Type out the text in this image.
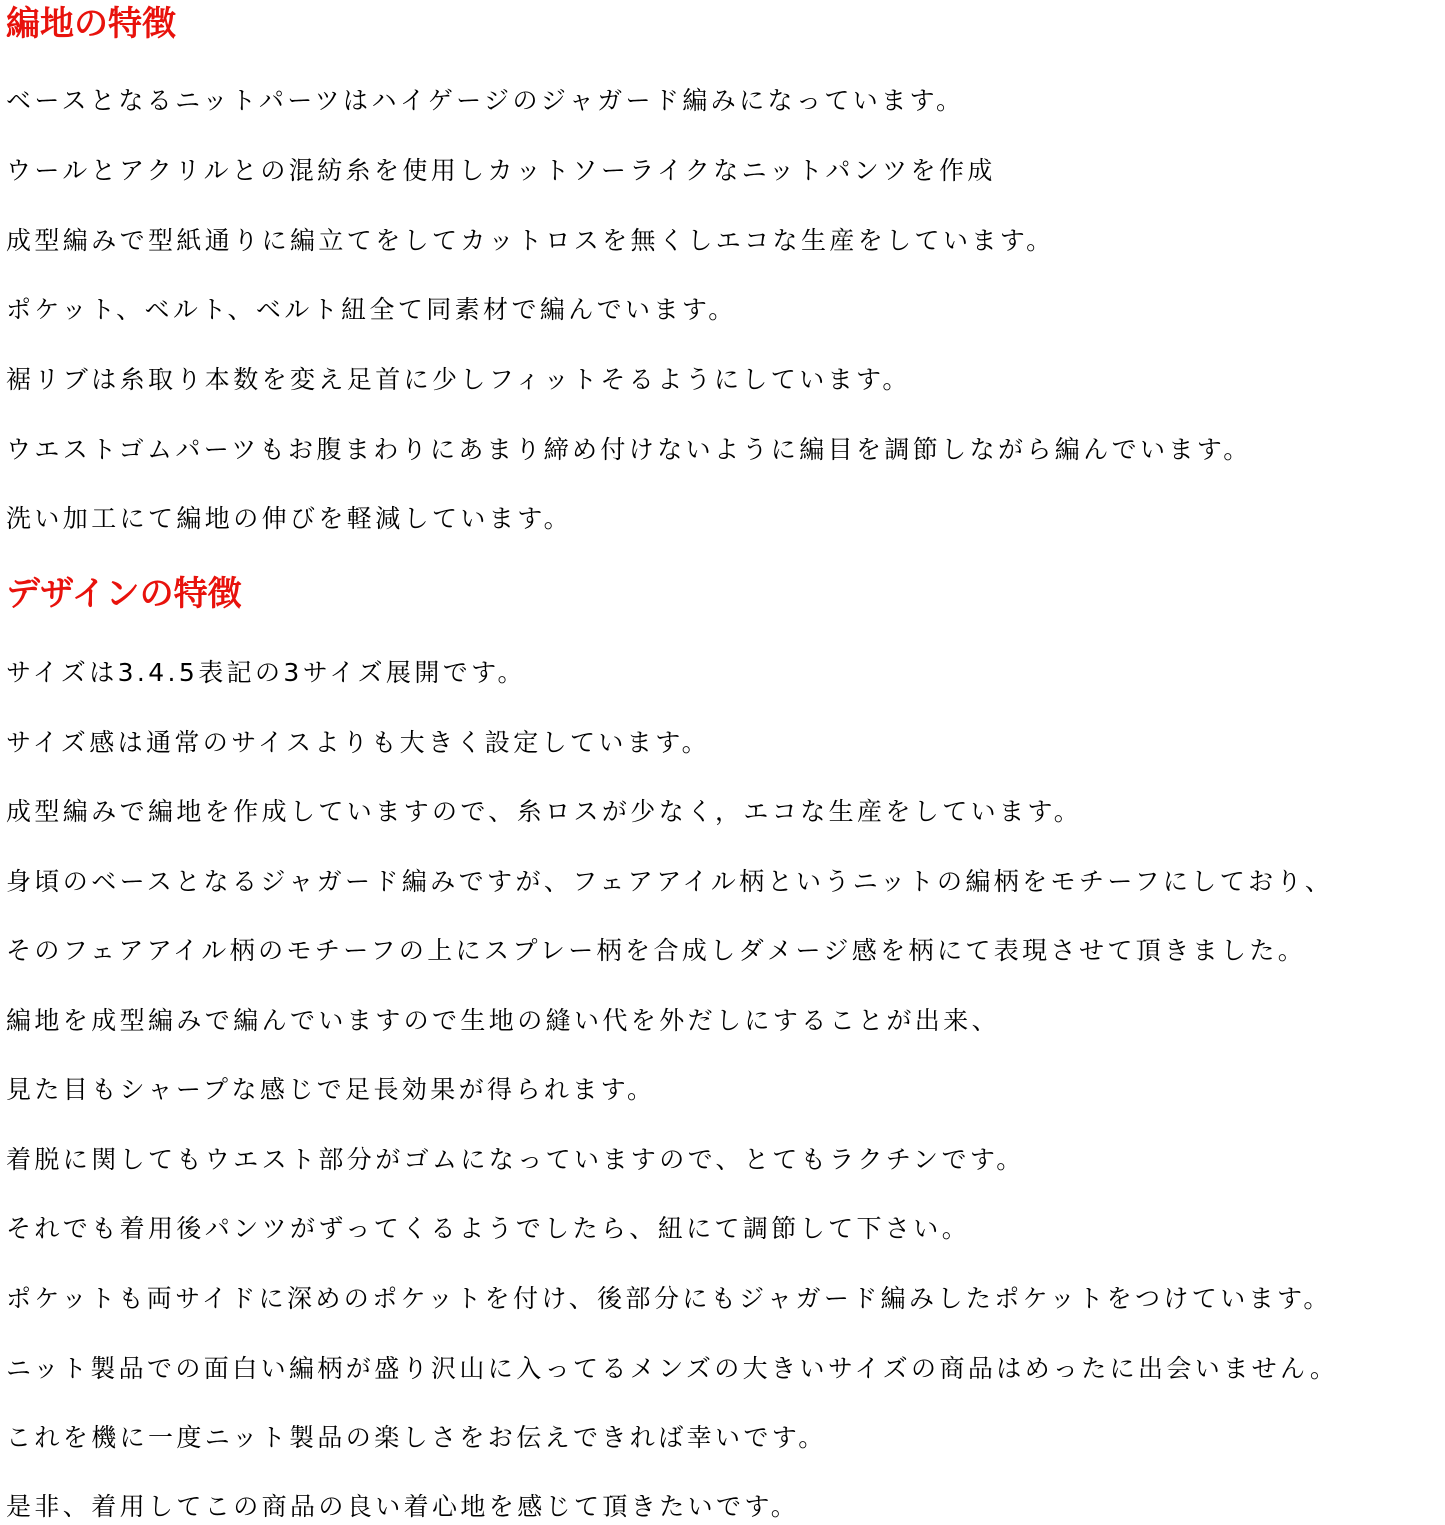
編地の特徴

ベースとなるニットパーツはハイゲージのジャガード編みになっています。

ウールとアクリルとの混紡糸を使用しカットソーライクなニットパンツを作成

成型編みで型紙通りに編立てをしてカットロスを無くしエコな生産をしています。

ポケット、ベルト、ベルト紐全て同素材で編んでいます。

裾リブは糸取り本数を変え足首に少しフィットそるようにしています。

ウエストゴムパーツもお腹まわりにあまり締め付けないように編目を調節しながら編んでいます。

洗い加工にて編地の伸びを軽減しています。

デザインの特徴

サイズは3.4.5表記の3サイズ展開です。

サイズ感は通常のサイスよりも大きく設定しています。

成型編みで編地を作成していますので、糸ロスが少なく，エコな生産をしています。

身頃のベースとなるジャガード編みですが、フェアアイル柄というニットの編柄をモチーフにしており、

そのフェアアイル柄のモチーフの上にスプレー柄を合成しダメージ感を柄にて表現させて頂きました。

編地を成型編みで編んでいますので生地の縫い代を外だしにすることが出来、

見た目もシャープな感じで足長効果が得られます。

着脱に関してもウエスト部分がゴムになっていますので、とてもラクチンです。

それでも着用後パンツがずってくるようでしたら、紐にて調節して下さい。

ポケットも両サイドに深めのポケットを付け、後部分にもジャガード編みしたポケットをつけています。

ニット製品での面白い編柄が盛り沢山に入ってるメンズの大きいサイズの商品はめったに出会いません。

これを機に一度ニット製品の楽しさをお伝えできれば幸いです。

是非、着用してこの商品の良い着心地を感じて頂きたいです。
